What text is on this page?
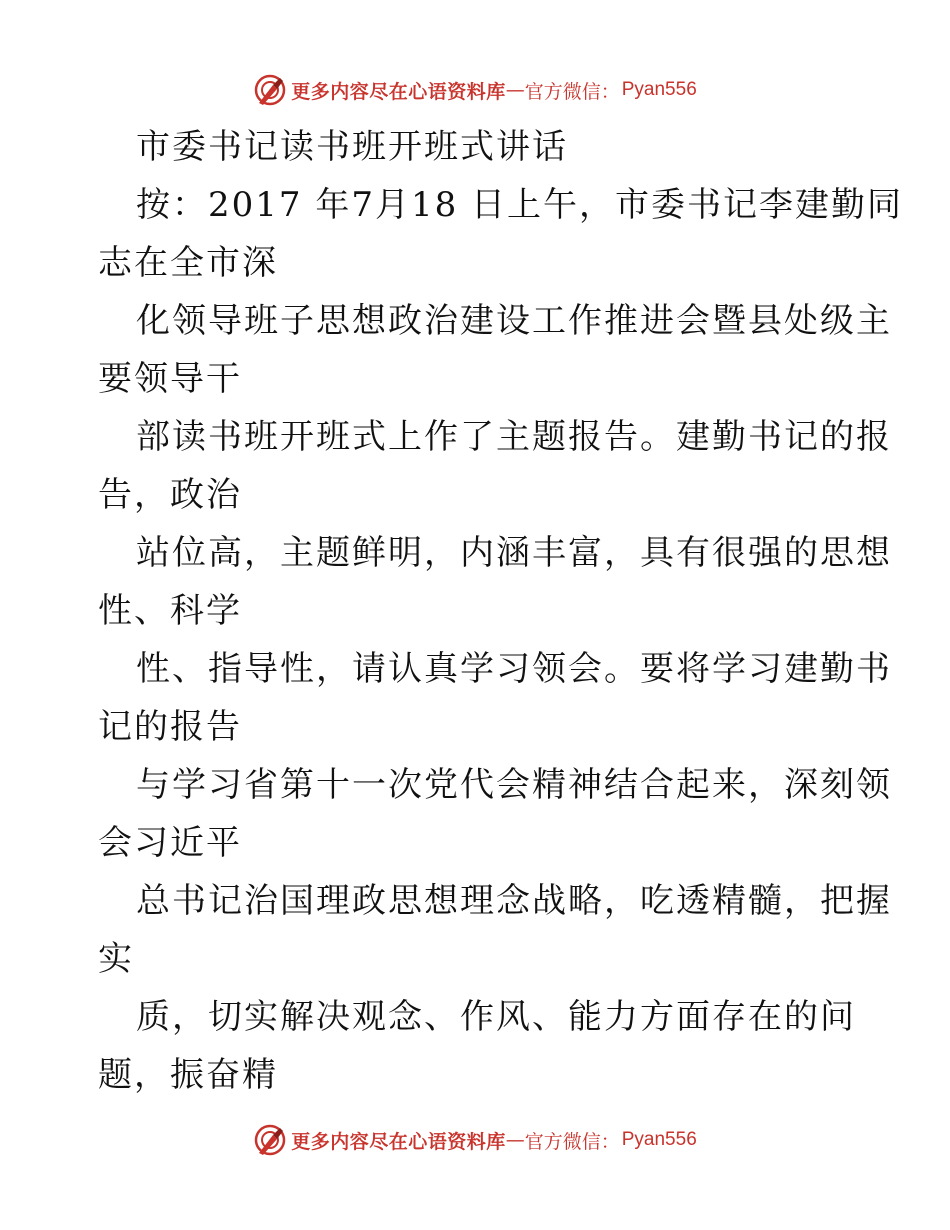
更多内容尽在心语资料库 — 官方微信： Pyan556
市委书记读书班开班式讲话
按：2017 年7月18 日上午，市委书记李建勤同
志在全市深
化领导班子思想政治建设工作推进会暨县处级主
要领导干
部读书班开班式上作了主题报告。建勤书记的报
告，政治
站位高，主题鲜明，内涵丰富，具有很强的思想
性、科学
性、指导性，请认真学习领会。要将学习建勤书
记的报告
与学习省第十一次党代会精神结合起来，深刻领
会习近平
总书记治国理政思想理念战略，吃透精髓，把握
实
质，切实解决观念、作风、能力方面存在的问
题，振奋精
更多内容尽在心语资料库 — 官方微信： Pyan556
